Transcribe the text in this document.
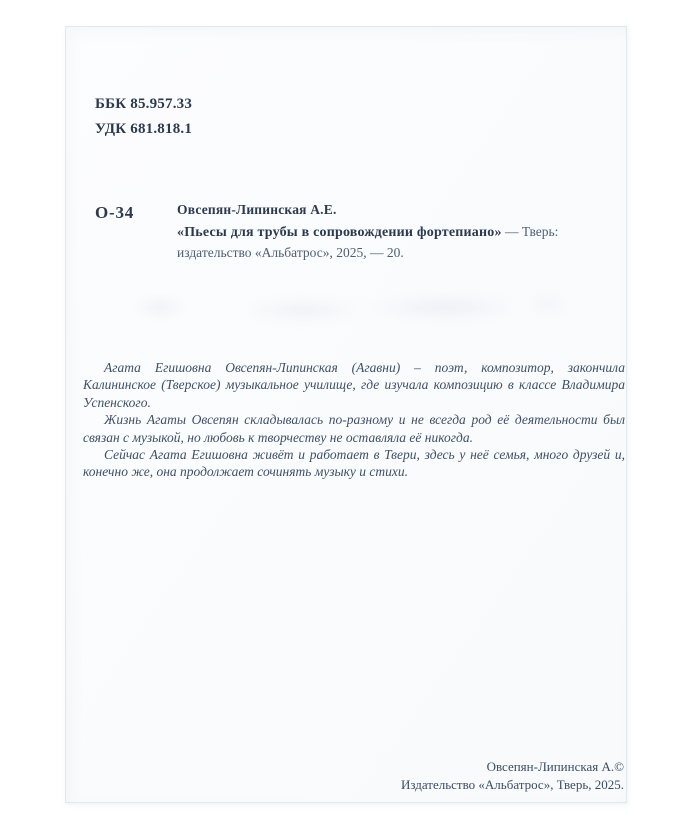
ББК 85.957.33
УДК 681.818.1
О-34	Овсепян-Липинская А.Е.

«Пьесы для трубы в сопровождении фортепиано» — Тверь:

издательство «Альбатрос», 2025, — 20.

Агата Егишовна Овсепян-Липинская (Агавни) – поэт, композитор, закончила Калининское (Тверское) музыкальное училище, где изучала композицию в классе Владимира Успенского.

Жизнь Агаты Овсепян складывалась по-разному и не всегда род её деятельности был связан с музыкой, но любовь к творчеству не оставляла её никогда.

Сейчас Агата Егишовна живёт и работает в Твери, здесь у неё семья, много друзей и, конечно же, она продолжает сочинять музыку и стихи.

Овсепян-Липинская А.©
Издательство «Альбатрос», Тверь, 2025.
